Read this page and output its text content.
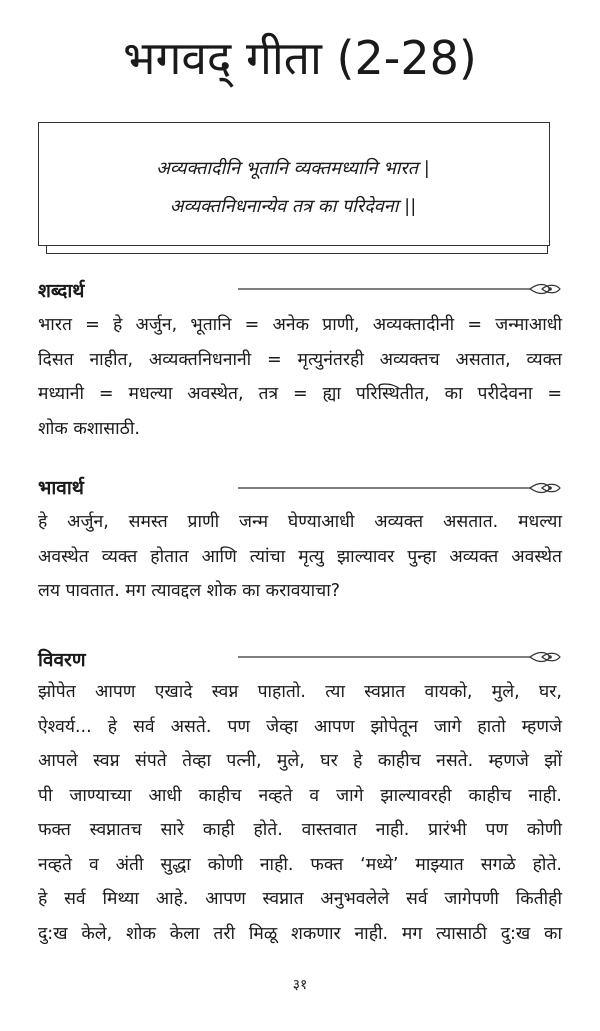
भगवद् गीता (2-28)
अव्यक्तादीनि भूतानि व्यक्तमध्यानि भारत |
अव्यक्तनिधनान्येव तत्र का परिदेवना ||
शब्दार्थ
भारत = हे अर्जुन, भूतानि = अनेक प्राणी, अव्यक्तादीनी = जन्माआधी
दिसत नाहीत, अव्यक्तनिधनानी = मृत्युनंतरही अव्यक्तच असतात, व्यक्त
मध्यानी = मधल्या अवस्थेत, तत्र = ह्या परिस्थितीत, का परीदेवना =
शोक कशासाठी.
भावार्थ
हे अर्जुन, समस्त प्राणी जन्म घेण्याआधी अव्यक्त असतात. मधल्या
अवस्थेत व्यक्त होतात आणि त्यांचा मृत्यु झाल्यावर पुन्हा अव्यक्त अवस्थेत
लय पावतात. मग त्यावद्दल शोक का करावयाचा?
विवरण
झोपेत आपण एखादे स्वप्न पाहातो. त्या स्वप्नात वायको, मुले, घर,
ऐश्वर्य... हे सर्व असते. पण जेव्हा आपण झोपेतून जागे हातो म्हणजे
आपले स्वप्न संपते तेव्हा पत्नी, मुले, घर हे काहीच नसते. म्हणजे झों
पी जाण्याच्या आधी काहीच नव्हते व जागे झाल्यावरही काहीच नाही.
फक्त स्वप्नातच सारे काही होते. वास्तवात नाही. प्रारंभी पण कोणी
नव्हते व अंती सुद्धा कोणी नाही. फक्त ‘मध्ये’ माझ्यात सगळे होते.
हे सर्व मिथ्या आहे. आपण स्वप्नात अनुभवलेले सर्व जागेपणी कितीही
दु:ख केले, शोक केला तरी मिळू शकणार नाही. मग त्यासाठी दु:ख का
३१
